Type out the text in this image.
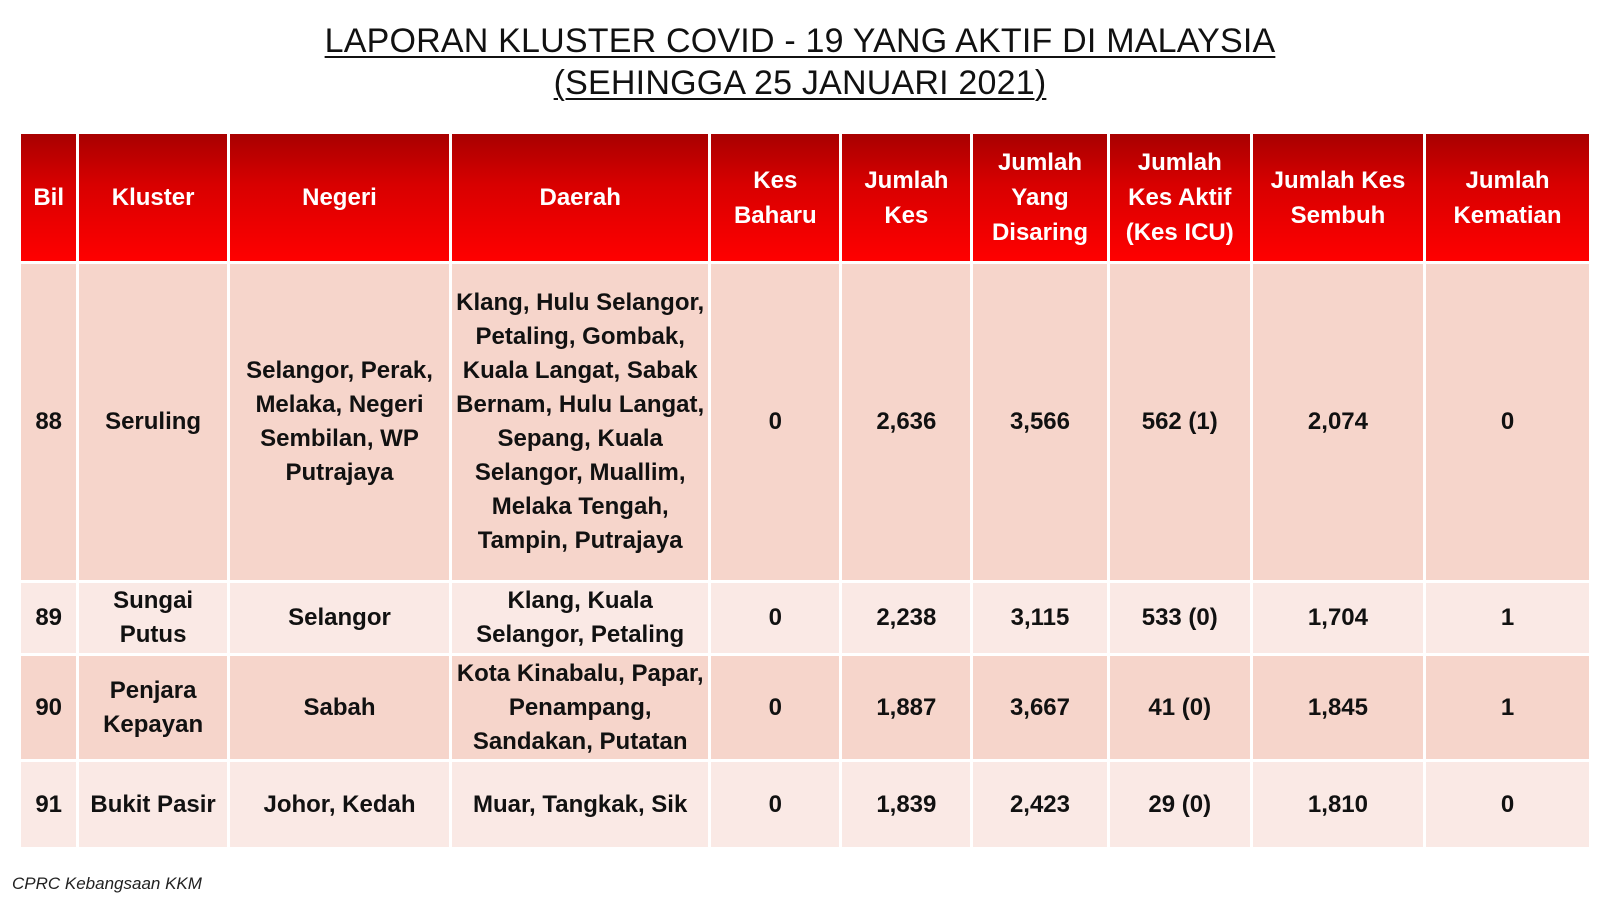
LAPORAN KLUSTER COVID - 19 YANG AKTIF DI MALAYSIA
(SEHINGGA 25 JANUARI 2021)
Bil	Kluster	Negeri	Daerah	Kes Baharu	Jumlah Kes	Jumlah Yang Disaring	Jumlah Kes Aktif (Kes ICU)	Jumlah Kes Sembuh	Jumlah Kematian
88	Seruling	Selangor, Perak, Melaka, Negeri Sembilan, WP Putrajaya	Klang, Hulu Selangor, Petaling, Gombak, Kuala Langat, Sabak Bernam, Hulu Langat, Sepang, Kuala Selangor, Muallim, Melaka Tengah, Tampin, Putrajaya	0	2,636	3,566	562 (1)	2,074	0
89	Sungai Putus	Selangor	Klang, Kuala Selangor, Petaling	0	2,238	3,115	533 (0)	1,704	1
90	Penjara Kepayan	Sabah	Kota Kinabalu, Papar, Penampang, Sandakan, Putatan	0	1,887	3,667	41 (0)	1,845	1
91	Bukit Pasir	Johor, Kedah	Muar, Tangkak, Sik	0	1,839	2,423	29 (0)	1,810	0
CPRC Kebangsaan KKM
